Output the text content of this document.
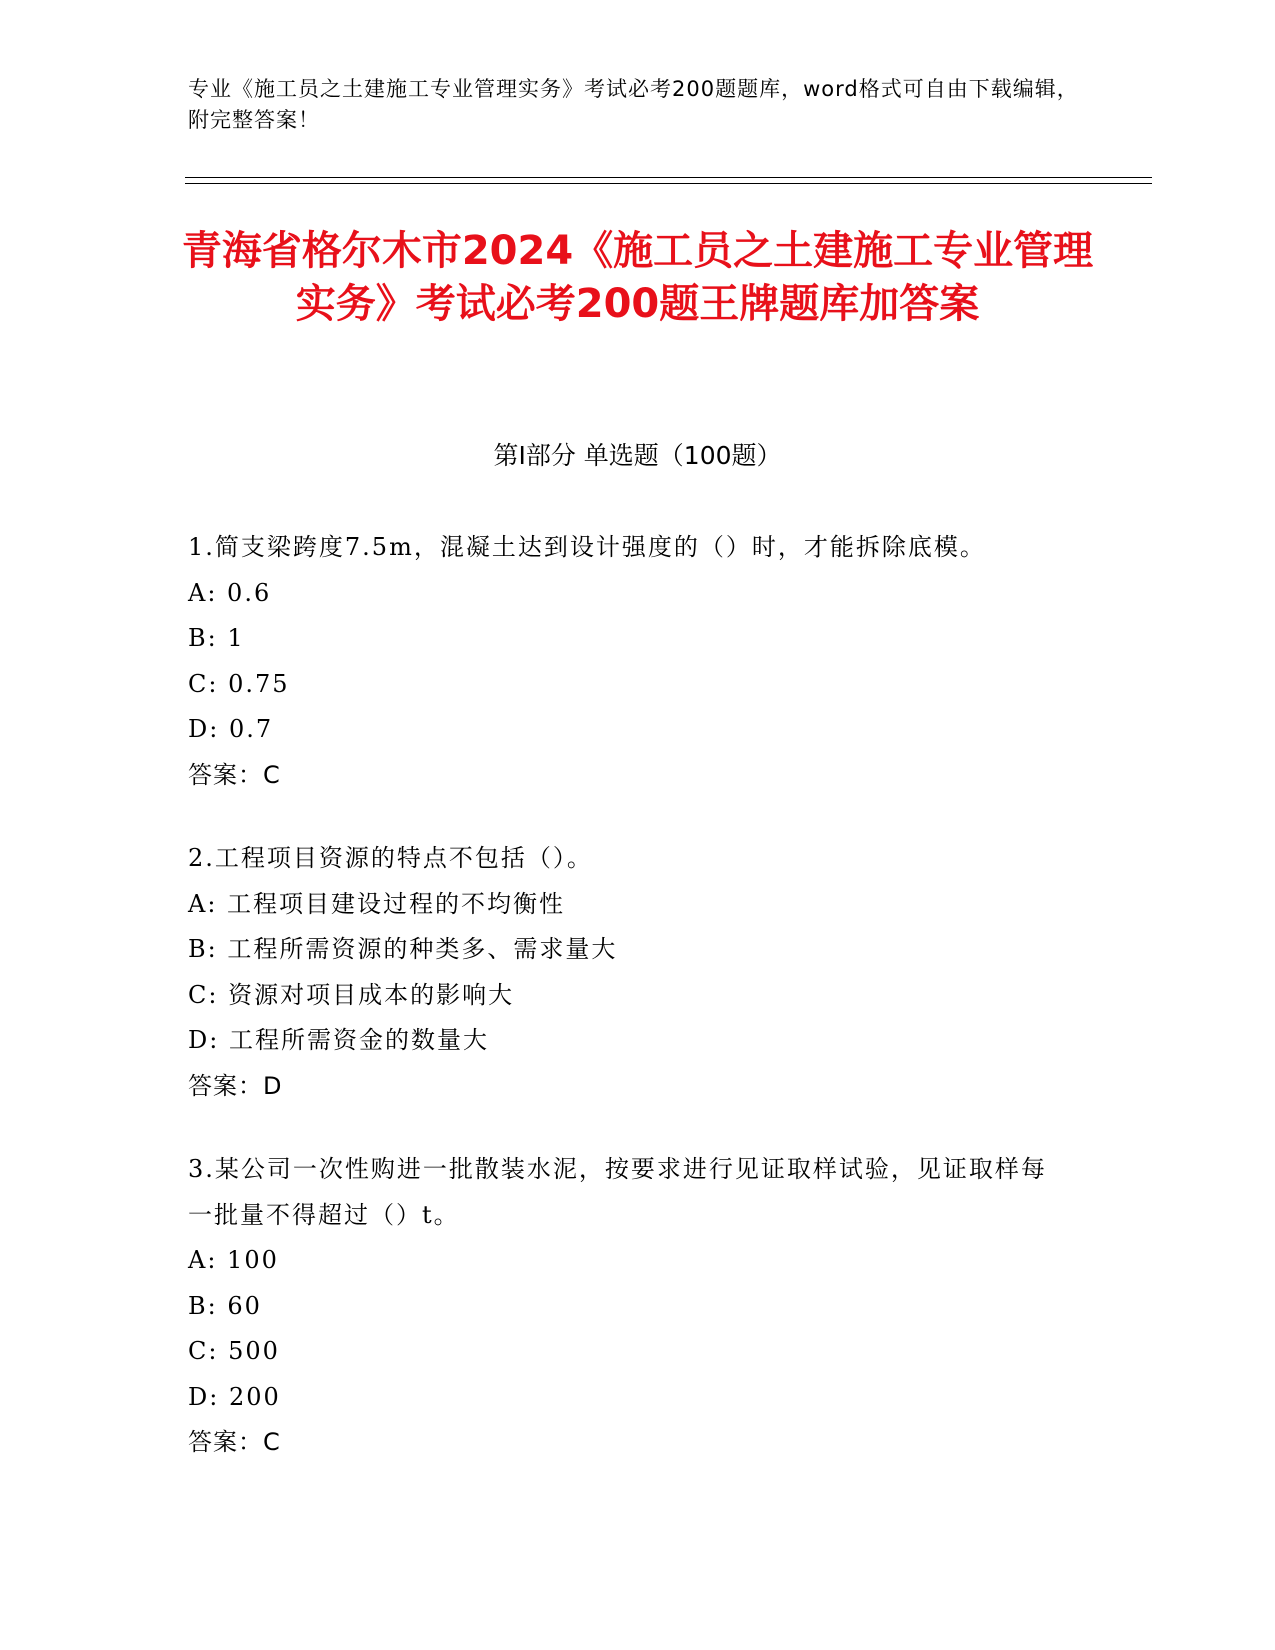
专业《施工员之土建施工专业管理实务》考试必考200题题库，word格式可自由下载编辑，附完整答案！
青海省格尔木市2024《施工员之土建施工专业管理实务》考试必考200题王牌题库加答案
第Ⅰ部分 单选题（100题）
1.简支梁跨度7.5m，混凝土达到设计强度的（）时，才能拆除底模。
A: 0.6
B: 1
C: 0.75
D: 0.7
答案：C
2.工程项目资源的特点不包括（）。
A: 工程项目建设过程的不均衡性
B: 工程所需资源的种类多、需求量大
C: 资源对项目成本的影响大
D: 工程所需资金的数量大
答案：D
3.某公司一次性购进一批散装水泥，按要求进行见证取样试验，见证取样每一批量不得超过（）t。
A: 100
B: 60
C: 500
D: 200
答案：C
